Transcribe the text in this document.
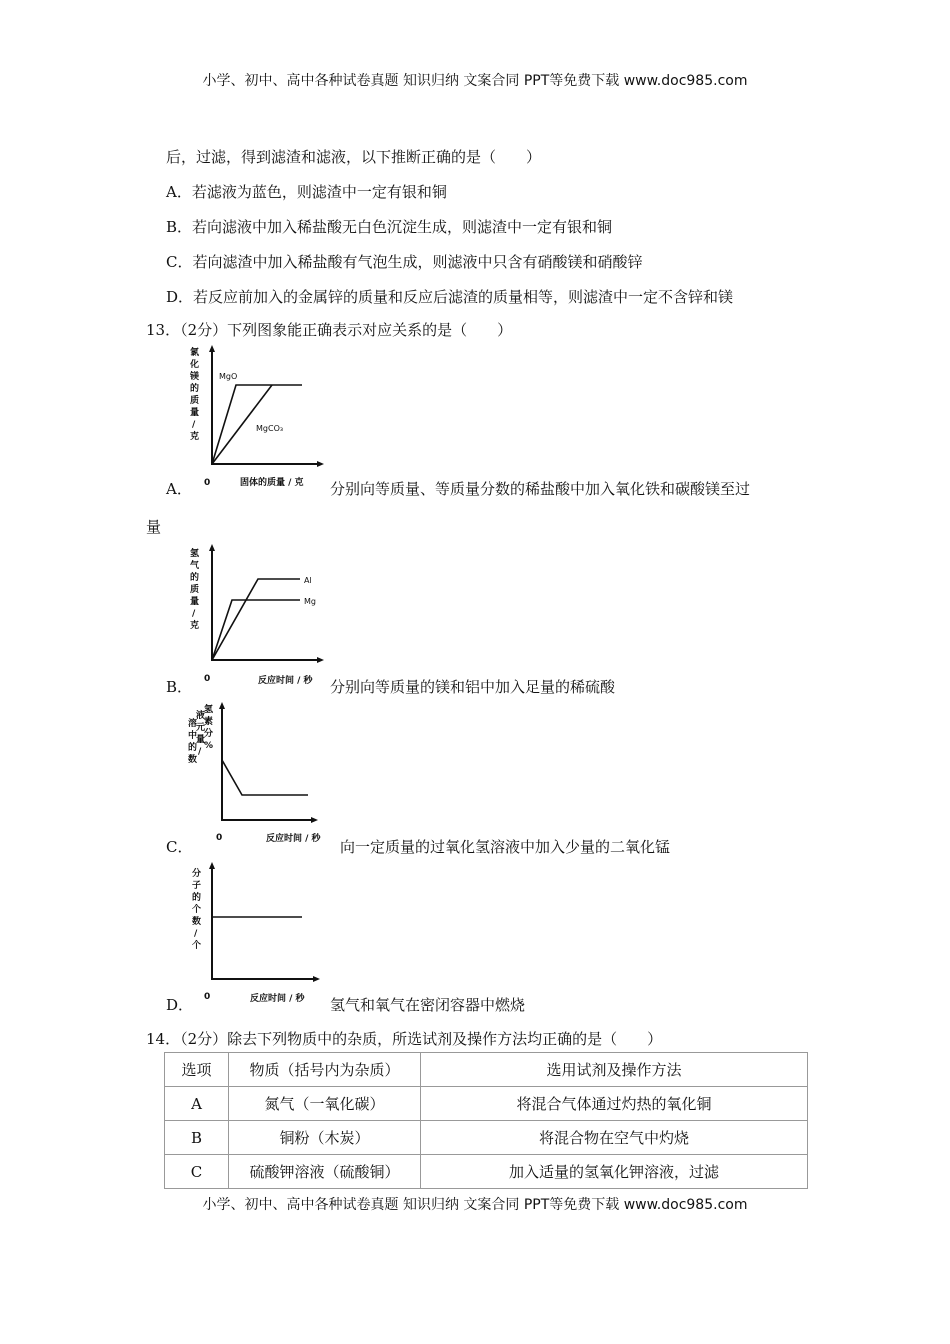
小学、初中、高中各种试卷真题 知识归纳 文案合同 PPT等免费下载 www.doc985.com
后，过滤，得到滤渣和滤液，以下推断正确的是（　　）
A．若滤液为蓝色，则滤渣中一定有银和铜
B．若向滤液中加入稀盐酸无白色沉淀生成，则滤渣中一定有银和铜
C．若向滤渣中加入稀盐酸有气泡生成，则滤液中只含有硝酸镁和硝酸锌
D．若反应前加入的金属锌的质量和反应后滤渣的质量相等，则滤渣中一定不含锌和镁
13．（2分）下列图象能正确表示对应关系的是（　　）
氯
化
镁
的
质
量
/
克
MgO
MgCO₃
0	固体的质量 / 克
A．	分别向等质量、等质量分数的稀盐酸中加入氧化铁和碳酸镁至过
量
氢
气
的
质
量
/
克
Al
Mg
0	反应时间 / 秒
B．	分别向等质量的镁和铝中加入足量的稀硫酸
溶
中
的
数
液
元
量
/
氢
素
分
%
0	反应时间 / 秒
C．	向一定质量的过氧化氢溶液中加入少量的二氧化锰
分
子
的
个
数
/
个
0	反应时间 / 秒
D．	氢气和氧气在密闭容器中燃烧
14．（2分）除去下列物质中的杂质，所选试剂及操作方法均正确的是（　　）
选项	物质（括号内为杂质）	选用试剂及操作方法
A	氮气（一氧化碳）	将混合气体通过灼热的氧化铜
B	铜粉（木炭）	将混合物在空气中灼烧
C	硫酸钾溶液（硫酸铜）	加入适量的氢氧化钾溶液，过滤
小学、初中、高中各种试卷真题 知识归纳 文案合同 PPT等免费下载 www.doc985.com
